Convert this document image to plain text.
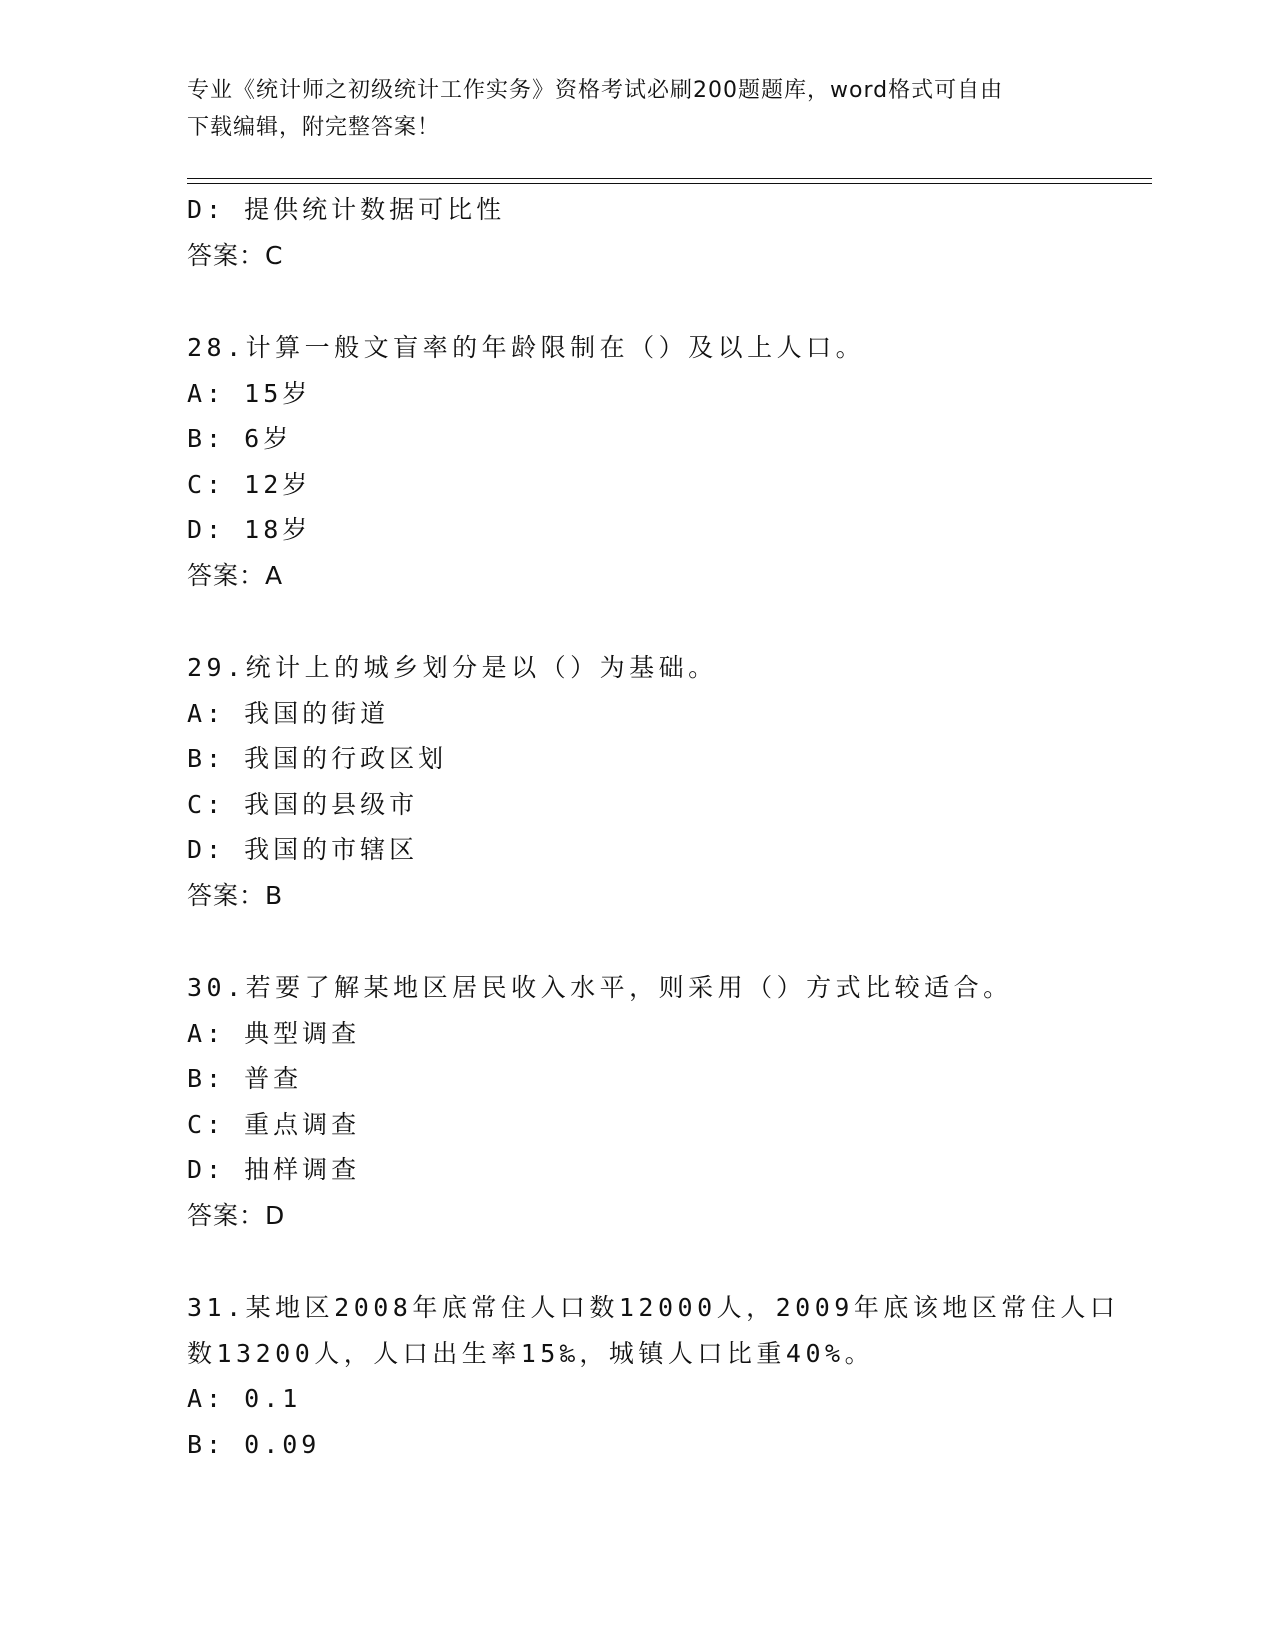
专业《统计师之初级统计工作实务》资格考试必刷200题题库，word格式可自由
下载编辑，附完整答案！
D: 提供统计数据可比性
答案：C
28.计算一般文盲率的年龄限制在（）及以上人口。
A: 15岁
B: 6岁
C: 12岁
D: 18岁
答案：A
29.统计上的城乡划分是以（）为基础。
A: 我国的街道
B: 我国的行政区划
C: 我国的县级市
D: 我国的市辖区
答案：B
30.若要了解某地区居民收入水平，则采用（）方式比较适合。
A: 典型调查
B: 普查
C: 重点调查
D: 抽样调查
答案：D
31.某地区2008年底常住人口数12000人，2009年底该地区常住人口
数13200人，人口出生率15‰，城镇人口比重40%。
A: 0.1
B: 0.09
